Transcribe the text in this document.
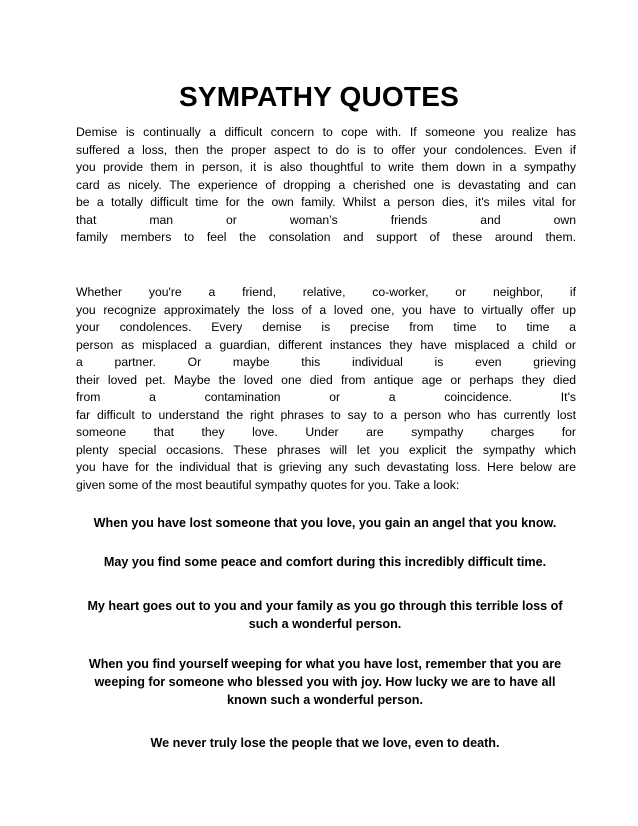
SYMPATHY QUOTES
Demise is continually a difficult concern to cope with. If someone you realize has
suffered a loss, then the proper aspect to do is to offer your condolences. Even if
you provide them in person, it is also thoughtful to write them down in a sympathy
card as nicely. The experience of dropping a cherished one is devastating and can
be a totally difficult time for the own family. Whilst a person dies, it's miles vital for
that man or woman’s friends and own
family members to feel the consolation and support of these around them.
Whether you're a friend, relative, co-worker, or neighbor, if
you recognize approximately the loss of a loved one, you have to virtually offer up
your condolences. Every demise is precise from time to time a
person as misplaced a guardian, different instances they have misplaced a child or
a partner. Or maybe this individual is even grieving
their loved pet. Maybe the loved one died from antique age or perhaps they died
from a contamination or a coincidence. It's
far difficult to understand the right phrases to say to a person who has currently lost
someone that they love. Under are sympathy charges for
plenty special occasions. These phrases will let you explicit the sympathy which
you have for the individual that is grieving any such devastating loss. Here below are
given some of the most beautiful sympathy quotes for you. Take a look:

When you have lost someone that you love, you gain an angel that you know.

May you find some peace and comfort during this incredibly difficult time.

My heart goes out to you and your family as you go through this terrible loss of
such a wonderful person.

When you find yourself weeping for what you have lost, remember that you are
weeping for someone who blessed you with joy. How lucky we are to have all
known such a wonderful person.

We never truly lose the people that we love, even to death.
